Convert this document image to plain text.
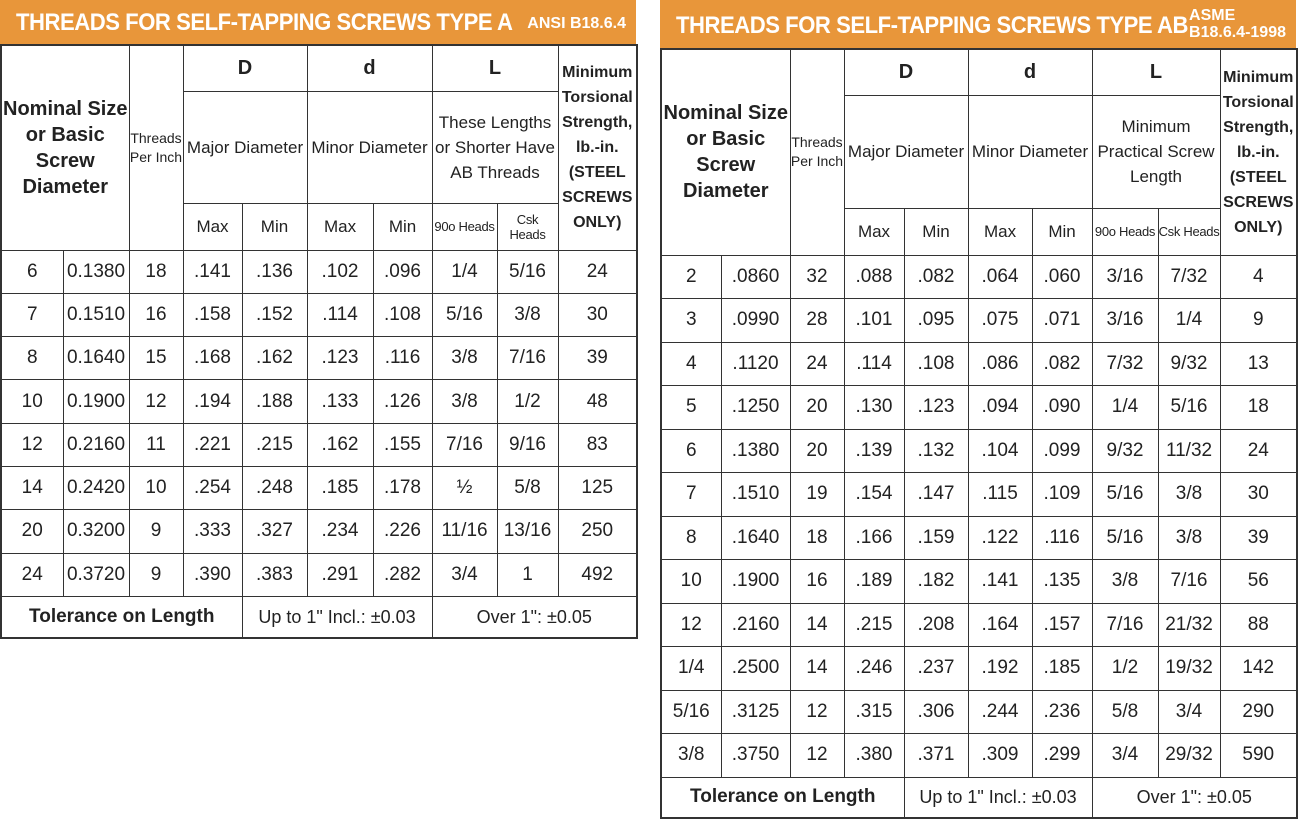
THREADS FOR SELF-TAPPING SCREWS TYPE A ANSI B18.6.4
Nominal Size or Basic Screw Diameter		Threads Per Inch	D		d		L		Minimum Torsional Strength, lb.-in. (STEEL SCREWS ONLY)
			Major Diameter		Minor Diameter		These Lengths or Shorter Have AB Threads		
			Max	Min	Max	Min	90o Heads	Csk Heads	
6	0.1380	18	.141	.136	.102	.096	1/4	5/16	24
7	0.1510	16	.158	.152	.114	.108	5/16	3/8	30
8	0.1640	15	.168	.162	.123	.116	3/8	7/16	39
10	0.1900	12	.194	.188	.133	.126	3/8	1/2	48
12	0.2160	11	.221	.215	.162	.155	7/16	9/16	83
14	0.2420	10	.254	.248	.185	.178	½	5/8	125
20	0.3200	9	.333	.327	.234	.226	11/16	13/16	250
24	0.3720	9	.390	.383	.291	.282	3/4	1	492
Tolerance on Length				Up to 1" Incl.: ±0.03			Over 1": ±0.05		
THREADS FOR SELF-TAPPING SCREWS TYPE AB ASME
B18.6.4-1998
Nominal Size or Basic Screw Diameter		Threads Per Inch	D		d		L		Minimum Torsional Strength, lb.-in. (STEEL SCREWS ONLY)
			Major Diameter		Minor Diameter		Minimum Practical Screw Length		
			Max	Min	Max	Min	90o Heads	Csk Heads	
2	.0860	32	.088	.082	.064	.060	3/16	7/32	4
3	.0990	28	.101	.095	.075	.071	3/16	1/4	9
4	.1120	24	.114	.108	.086	.082	7/32	9/32	13
5	.1250	20	.130	.123	.094	.090	1/4	5/16	18
6	.1380	20	.139	.132	.104	.099	9/32	11/32	24
7	.1510	19	.154	.147	.115	.109	5/16	3/8	30
8	.1640	18	.166	.159	.122	.116	5/16	3/8	39
10	.1900	16	.189	.182	.141	.135	3/8	7/16	56
12	.2160	14	.215	.208	.164	.157	7/16	21/32	88
1/4	.2500	14	.246	.237	.192	.185	1/2	19/32	142
5/16	.3125	12	.315	.306	.244	.236	5/8	3/4	290
3/8	.3750	12	.380	.371	.309	.299	3/4	29/32	590
Tolerance on Length				Up to 1" Incl.: ±0.03			Over 1": ±0.05		
